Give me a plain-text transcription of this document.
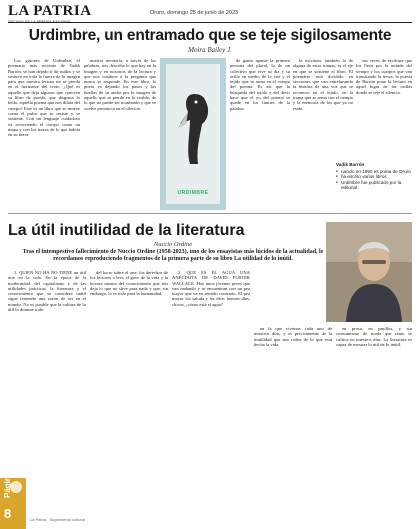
LA PATRIA	Oruro, domingo 25 de junio de 2023
Urdimbre, un entramado que se teje sigilosamente
Moira Bailey J.

Los guiones de Urdimbre, el poemario más reciente de Vadik Barrón, se han dejado ir de ruidos y se sostuvo en toda la fuerza de la imagen para que nuestra lectura no se pierda en el horizonte del texto. ¿Qué es aquello que deja algunos que conocen su libro de poesía, que disgusta lo bello, aquella poema que nos dilata del cuerpo? Este es un libro que se mueve como el pulso que se resiste y se sostiene. Con un lenguaje cuidadoso va recorriendo el cuerpo como un mapa y con los trazos de lo que habita en su tierra.

nuestra memoria, a través de las palabras, nos describe lo que hay en la imagen y en nosotros de la lectura y que nos conduce a la pregunta que nunca se responde. En este libro, la poeta va dejando los pasos y las huellas de su andar por la imagen de aquello que se pierde en lo visible; de lo que no puede ser nombrado y que se vuelve presencia en el silencio.

URDIMBRE

de ganso apunte la primera persona del plural, la de un colectivo que vive su día y su orilla en medio de la voz y el tejido que se arma en el cuerpo del poema. Es así que la búsqueda del tejido y del decir hace que el yo del poema se quede en los límites de la palabra.

la escritura, también la de alguna de estas tramas, es el eje en que se sostiene el libro. El poemario está dividido en secciones que van entrelazando la historia de una voz que se reconoce en el tejido, en la trama que se arma con el tiempo y la memoria de los que ya no están.

sus veces de escritura que los lleva por la mirada del tiempo y los cuerpos que van transitando la tierra; la poesía de Barrón pone la lectura en aquel lugar de las orillas donde se teje el silencio.

Vadik Barrón
■ nacido en 1990 es poeta de Oruro
■ ha escrito varios libros
■ Urdimbre fue publicado por la editorial
La útil inutilidad de la literatura
Nuccio Ordine
Tras el intempestivo fallecimiento de Nuccio Ordine (1958-2023), uno de los ensayistas más lúcidos de la actualidad, le recordamos reproduciendo fragmentos de la primera parte de su libro La utilidad de lo inútil.

1. QUIEN NO HA NO TIENE un útil arte en la vida. En la época de la modernidad, del capitalismo y de las utilidades prácticas, la literatura y el conocimiento que se considera inútil sigue teniendo una razón de ser en el mundo. No es posible que la cultura de lo útil lo domine todo.

del lucro sobre el arte, los derechos de los lectores a leer, el goce de la vida y la lectura misma del conocimiento que nos deja lo que no sirve para nada y que, sin embargo, lo es todo para la humanidad.

2. QUE ES EL AGUA UNA ANÉCDOTA DE DAVID FOSTER WALLACE. Hay unos jóvenes peces que van nadando y se encuentran con un pez mayor que va en sentido contrario. El pez mayor los saluda y les dice: buenos días, chicos, ¿cómo está el agua?

en la que vivimos cada uno de nuestros días, y es precisamente de la inutilidad que nos rodea de lo que está hecha la vida.

en prosa, en pasillos, y sin consumismo de moda que tanto se cultiva en nuestros días. La literatura es capaz de mostrar lo útil de lo inútil.

Página
8	La Patria - Suplemento cultural
